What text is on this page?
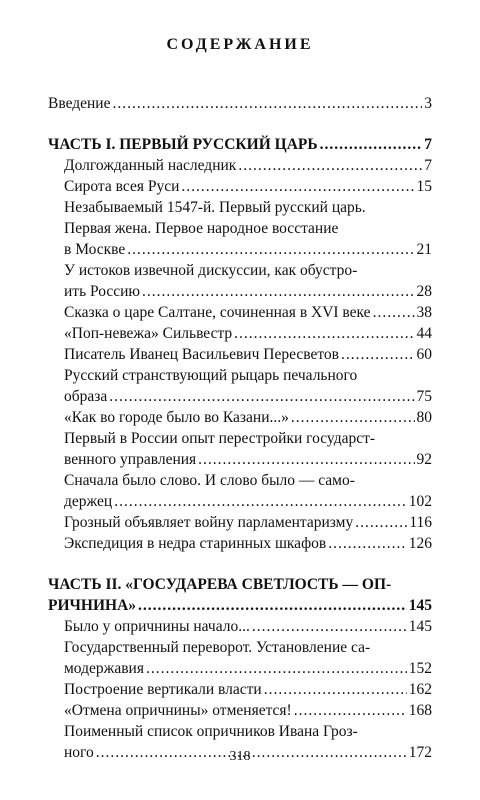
СОДЕРЖАНИЕ
Введение .....	3
ЧАСТЬ I. ПЕРВЫЙ РУССКИЙ ЦАРЬ .....	7
Долгожданный наследник .....	7
Сирота всея Руси .....	15
Незабываемый 1547-й. Первый русский царь.
Первая жена. Первое народное восстание
в Москве .....	21
У истоков извечной дискуссии, как обустро-
ить Россию .....	28
Сказка о царе Салтане, сочиненная в XVI веке .....	38
«Поп-невежа» Сильвестр .....	44
Писатель Иванец Васильевич Пересветов .....	60
Русский странствующий рыцарь печального
образа .....	75
«Как во городе было во Казани...» .....	80
Первый в России опыт перестройки государст-
венного управления .....	92
Сначала было слово. И слово было — само-
держец .....	102
Грозный объявляет войну парламентаризму .....	116
Экспедиция в недра старинных шкафов .....	126
ЧАСТЬ II. «ГОСУДАРЕВА СВЕТЛОСТЬ — ОП-
РИЧНИНА» .....	145
Было у опричнины начало... .....	145
Государственный переворот. Установление са-
модержавия .....	152
Построение вертикали власти .....	162
«Отмена опричнины» отменяется! .....	168
Поименный список опричников Ивана Гроз-
ного .....	172
318
